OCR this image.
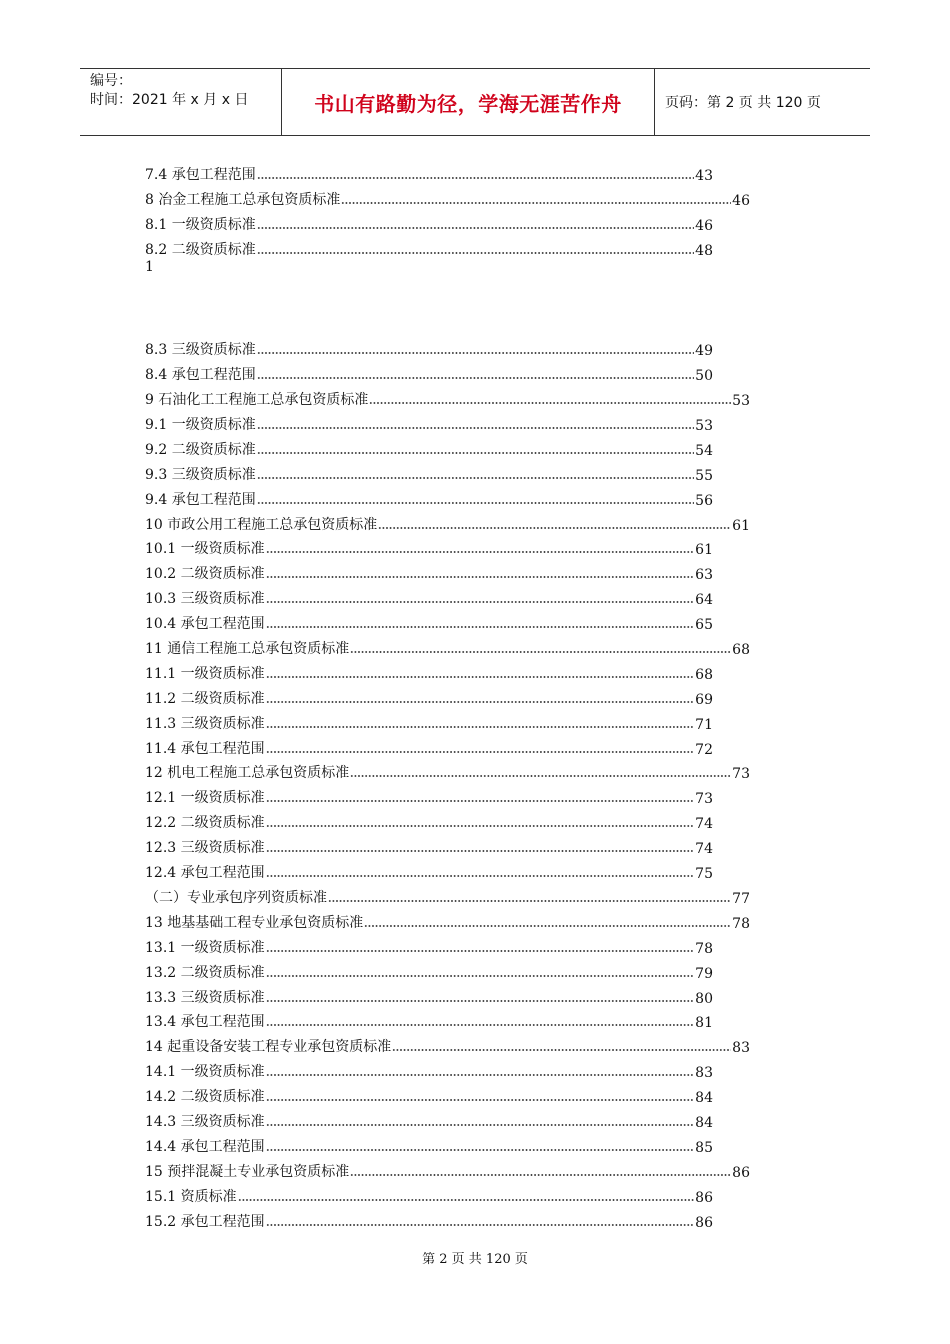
编号：
时间：2021 年 x 月 x 日	书山有路勤为径，学海无涯苦作舟	页码：第 2 页 共 120 页
7.4 承包工程范围	43
8 冶金工程施工总承包资质标准	46
8.1 一级资质标准	46
8.2 二级资质标准	48
1
8.3 三级资质标准	49
8.4 承包工程范围	50
9 石油化工工程施工总承包资质标准	53
9.1 一级资质标准	53
9.2 二级资质标准	54
9.3 三级资质标准	55
9.4 承包工程范围	56
10 市政公用工程施工总承包资质标准	61
10.1 一级资质标准	61
10.2 二级资质标准	63
10.3 三级资质标准	64
10.4 承包工程范围	65
11 通信工程施工总承包资质标准	68
11.1 一级资质标准	68
11.2 二级资质标准	69
11.3 三级资质标准	71
11.4 承包工程范围	72
12 机电工程施工总承包资质标准	73
12.1 一级资质标准	73
12.2 二级资质标准	74
12.3 三级资质标准	74
12.4 承包工程范围	75
（二）专业承包序列资质标准	77
13 地基基础工程专业承包资质标准	78
13.1 一级资质标准	78
13.2 二级资质标准	79
13.3 三级资质标准	80
13.4 承包工程范围	81
14 起重设备安装工程专业承包资质标准	83
14.1 一级资质标准	83
14.2 二级资质标准	84
14.3 三级资质标准	84
14.4 承包工程范围	85
15 预拌混凝土专业承包资质标准	86
15.1 资质标准	86
15.2 承包工程范围	86
第 2 页 共 120 页
